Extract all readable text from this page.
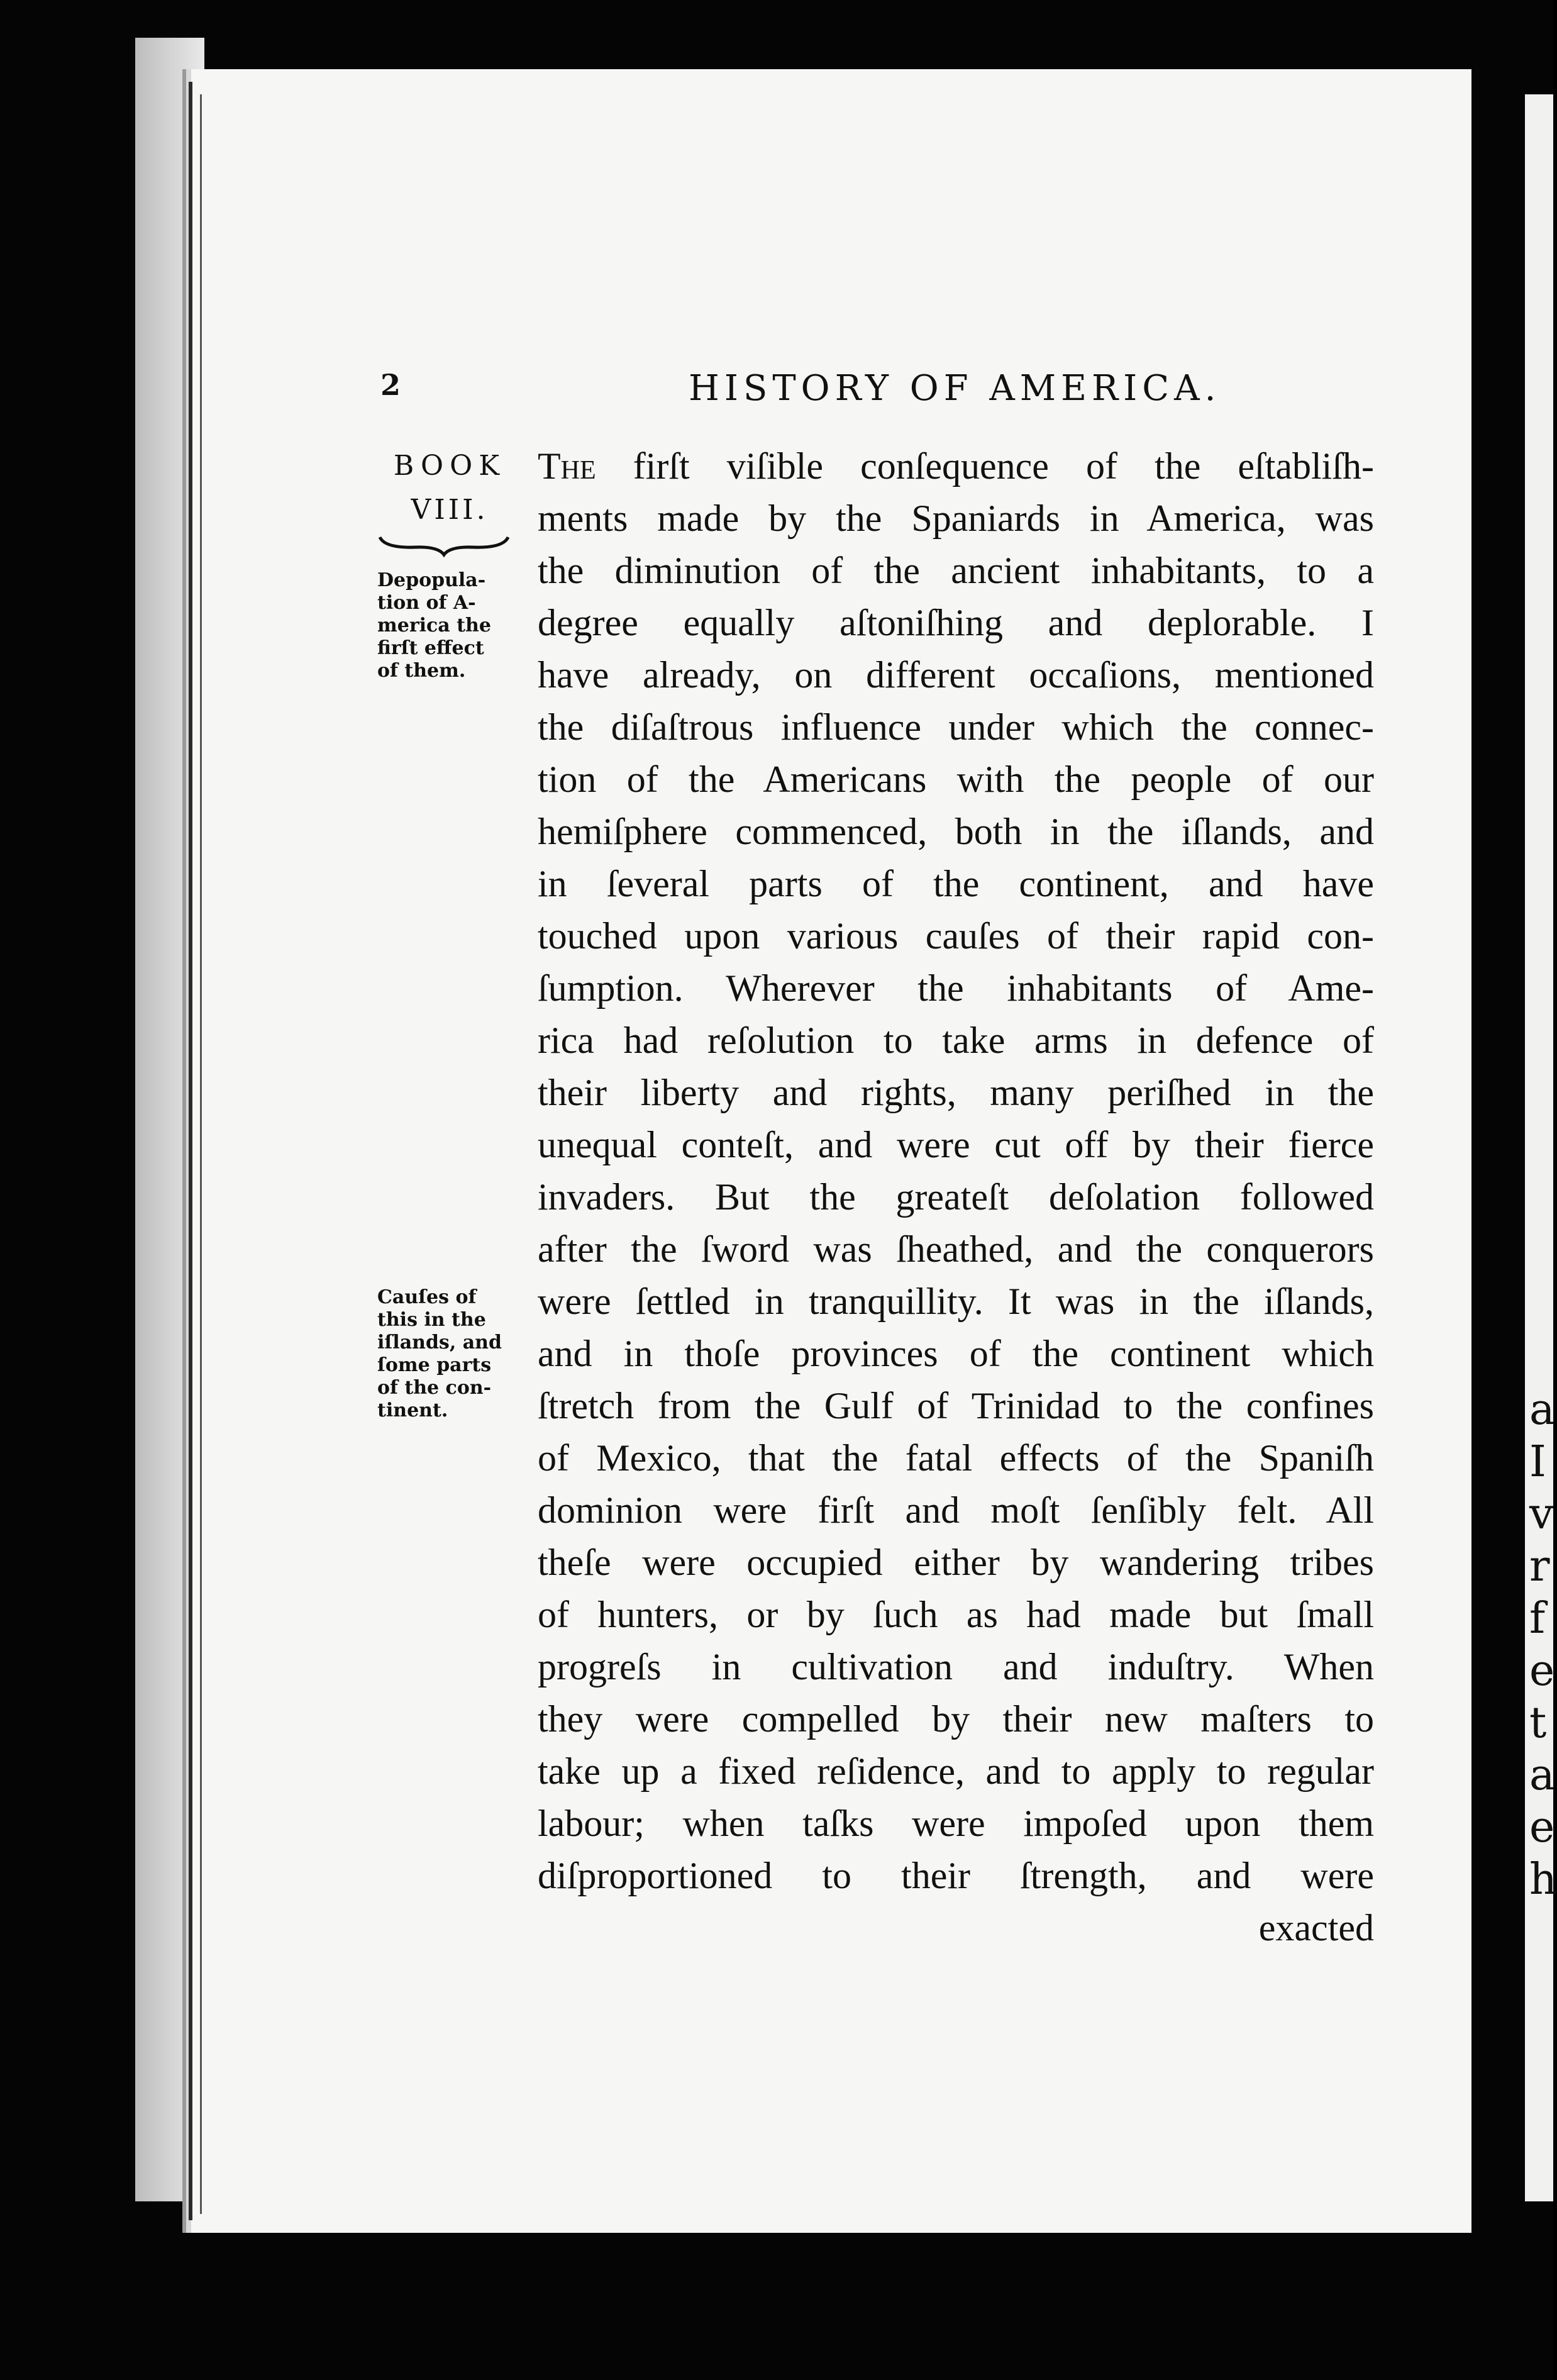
a
I
v
r
f
e
t
a
e
h
2	HISTORY OF AMERICA.
BOOK
VIII.
Depopula-
tion of A-
merica the
firſt effect
of them.
Cauſes of
this in the
iſlands, and
ſome parts
of the con-
tinent.
The firſt viſible conſequence of the eſtabliſh-
ments made by the Spaniards in America, was
the diminution of the ancient inhabitants, to a
degree equally aſtoniſhing and deplorable. I
have already, on different occaſions, mentioned
the diſaſtrous influence under which the connec-
tion of the Americans with the people of our
hemiſphere commenced, both in the iſlands, and
in ſeveral parts of the continent, and have
touched upon various cauſes of their rapid con-
ſumption. Wherever the inhabitants of Ame-
rica had reſolution to take arms in defence of
their liberty and rights, many periſhed in the
unequal conteſt, and were cut off by their fierce
invaders. But the greateſt deſolation followed
after the ſword was ſheathed, and the conquerors
were ſettled in tranquillity. It was in the iſlands,
and in thoſe provinces of the continent which
ſtretch from the Gulf of Trinidad to the confines
of Mexico, that the fatal effects of the Spaniſh
dominion were firſt and moſt ſenſibly felt. All
theſe were occupied either by wandering tribes
of hunters, or by ſuch as had made but ſmall
progreſs in cultivation and induſtry. When
they were compelled by their new maſters to
take up a fixed reſidence, and to apply to regular
labour; when taſks were impoſed upon them
diſproportioned to their ſtrength, and were
exacted
